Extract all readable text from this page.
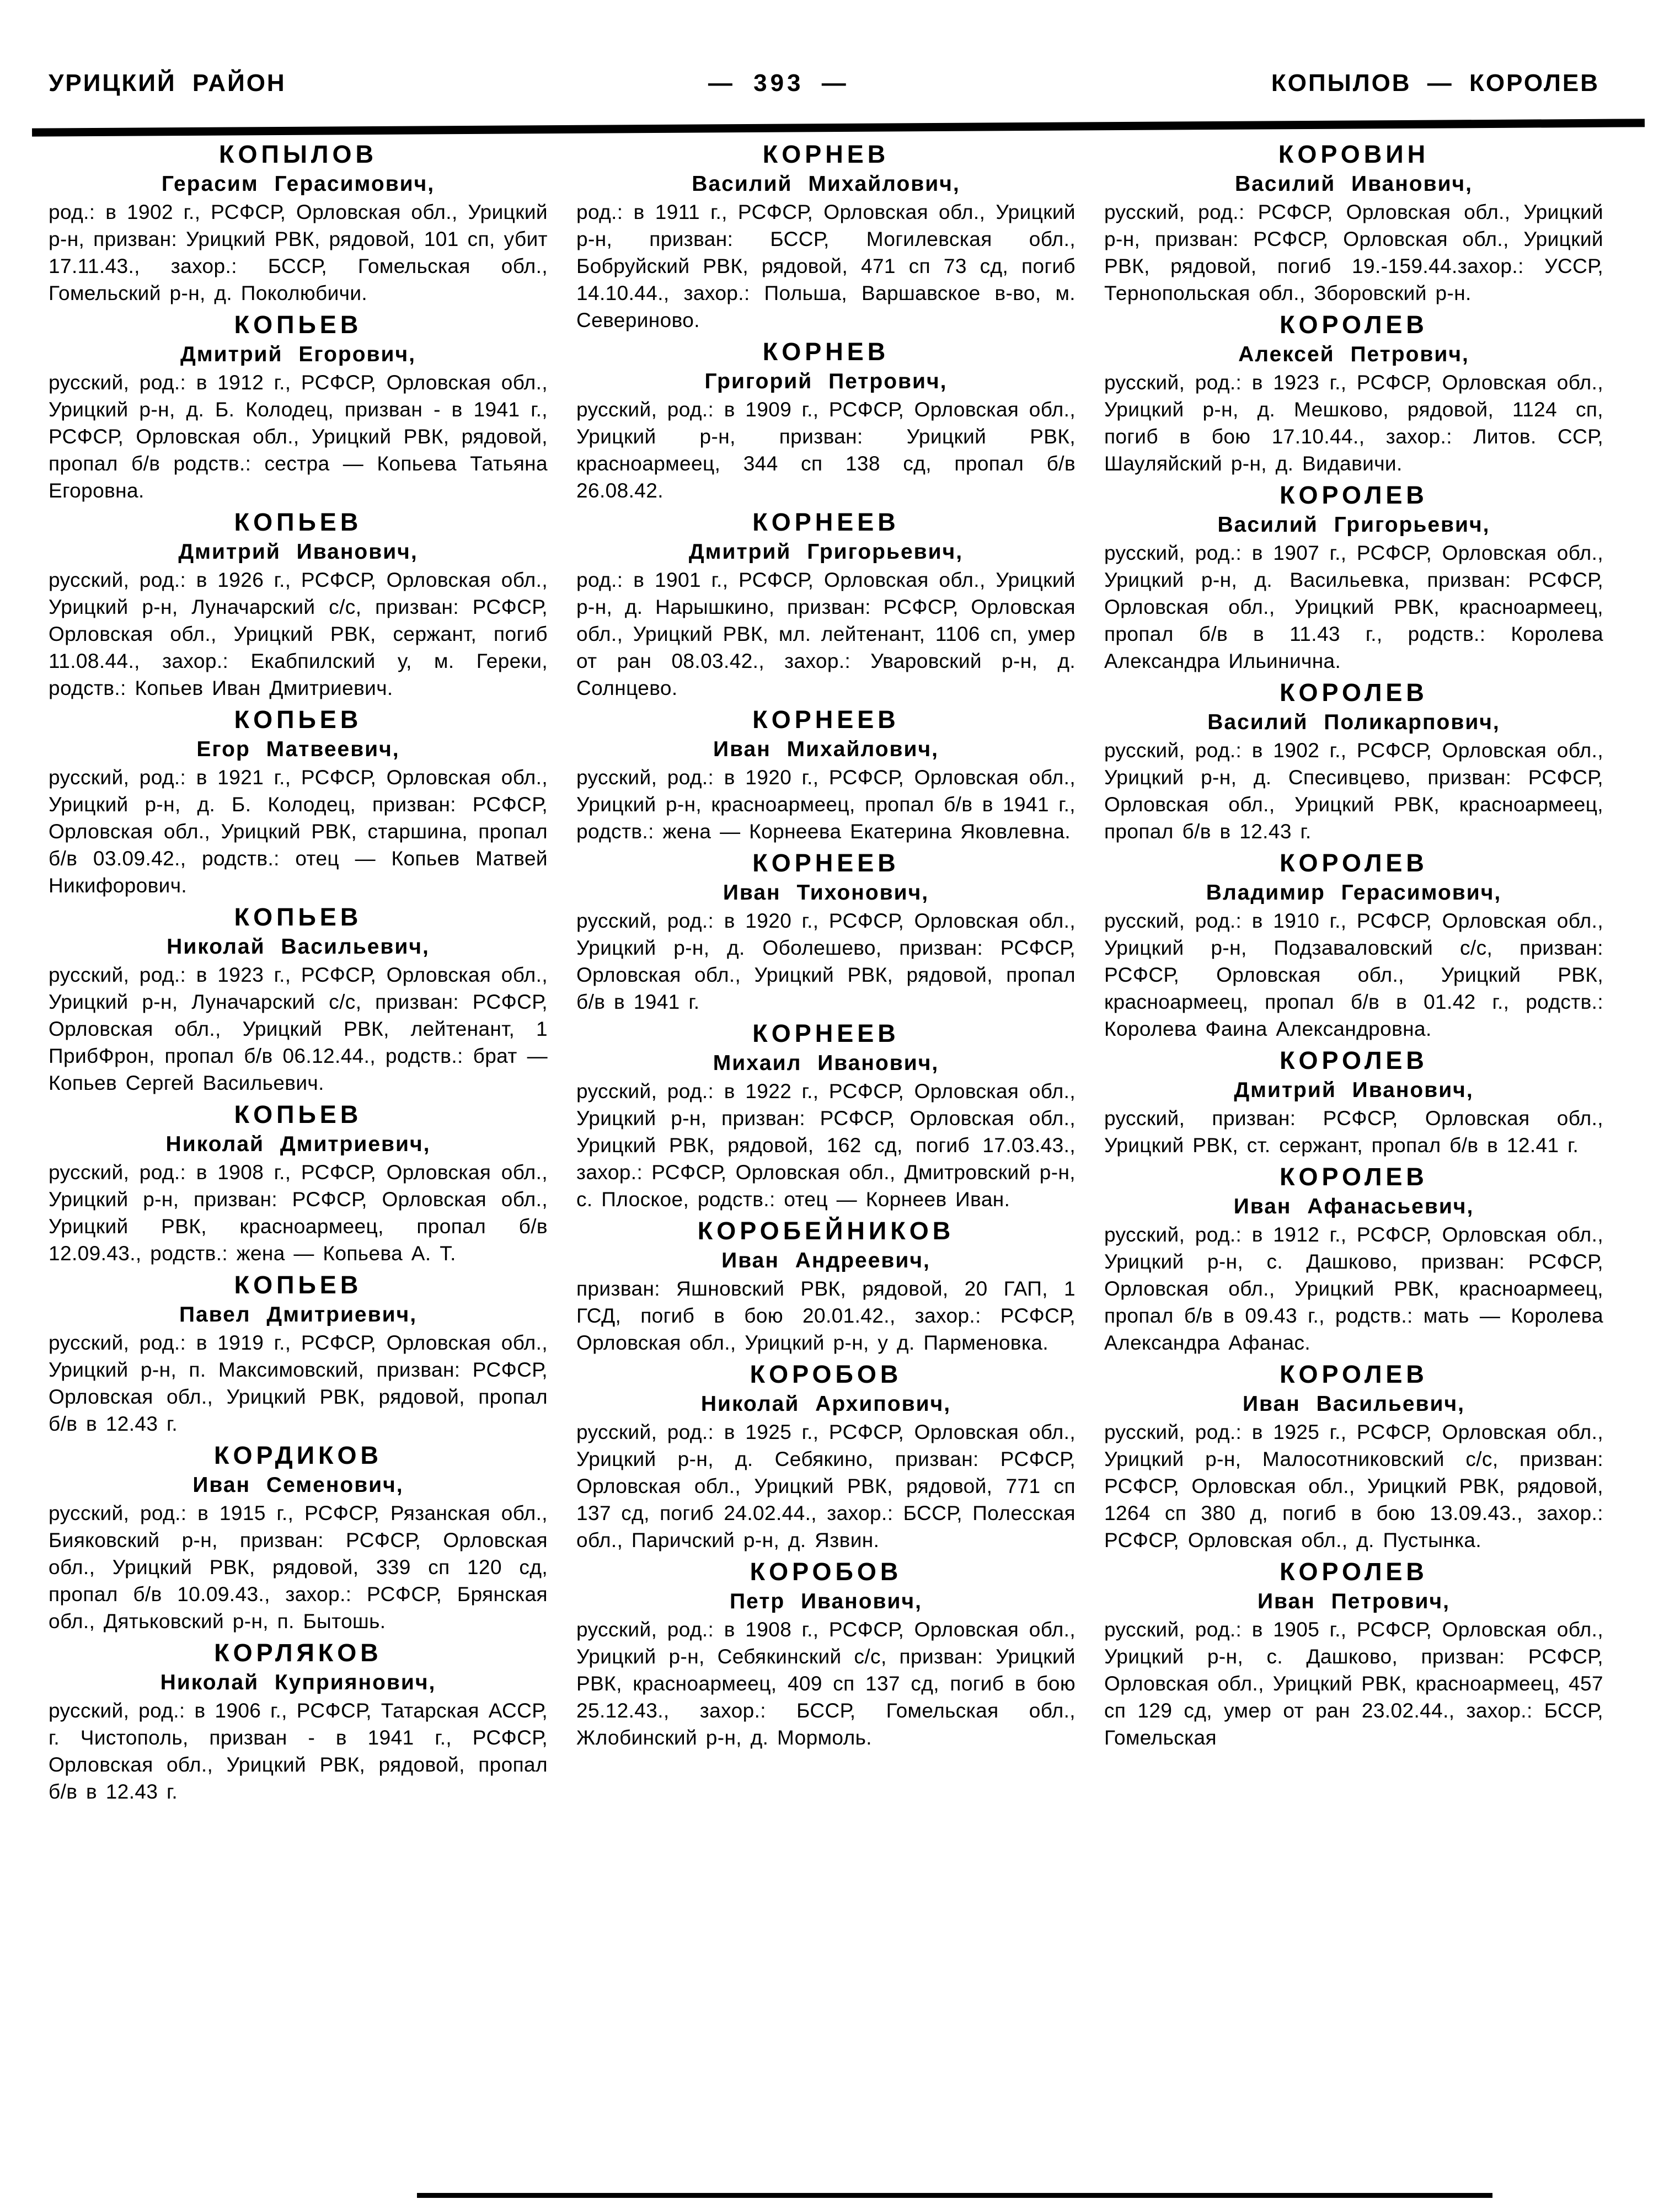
УРИЦКИЙ РАЙОН	— 393 —	КОПЫЛОВ — КОРОЛЕВ
КОПЫЛОВ
Герасим Герасимович,

род.: в 1902 г., РСФСР, Орловская обл., Урицкий р-н, призван: Урицкий РВК, рядовой, 101 сп, убит 17.11.43., захор.: БССР, Гомельская обл., Гомельский р-н, д. Поколюбичи.

КОПЬЕВ
Дмитрий Егорович,

русский, род.: в 1912 г., РСФСР, Орловская обл., Урицкий р-н, д. Б. Колодец, призван - в 1941 г., РСФСР, Орловская обл., Урицкий РВК, рядовой, пропал б/в родств.: сестра — Копьева Татьяна Егоровна.

КОПЬЕВ
Дмитрий Иванович,

русский, род.: в 1926 г., РСФСР, Орловская обл., Урицкий р-н, Луначарский с/с, призван: РСФСР, Орловская обл., Урицкий РВК, сержант, погиб 11.08.44., захор.: Екабпилский у, м. Гереки, родств.: Копьев Иван Дмитриевич.

КОПЬЕВ
Егор Матвеевич,

русский, род.: в 1921 г., РСФСР, Орловская обл., Урицкий р-н, д. Б. Колодец, призван: РСФСР, Орловская обл., Урицкий РВК, старшина, пропал б/в 03.09.42., родств.: отец — Копьев Матвей Никифорович.

КОПЬЕВ
Николай Васильевич,

русский, род.: в 1923 г., РСФСР, Орловская обл., Урицкий р-н, Луначарский с/с, призван: РСФСР, Орловская обл., Урицкий РВК, лейтенант, 1 ПрибФрон, пропал б/в 06.12.44., родств.: брат — Копьев Сергей Васильевич.

КОПЬЕВ
Николай Дмитриевич,

русский, род.: в 1908 г., РСФСР, Орловская обл., Урицкий р-н, призван: РСФСР, Орловская обл., Урицкий РВК, красноармеец, пропал б/в 12.09.43., родств.: жена — Копьева А. Т.

КОПЬЕВ
Павел Дмитриевич,

русский, род.: в 1919 г., РСФСР, Орловская обл., Урицкий р-н, п. Максимовский, призван: РСФСР, Орловская обл., Урицкий РВК, рядовой, пропал б/в в 12.43 г.

КОРДИКОВ
Иван Семенович,

русский, род.: в 1915 г., РСФСР, Рязанская обл., Бияковский р-н, призван: РСФСР, Орловская обл., Урицкий РВК, рядовой, 339 сп 120 сд, пропал б/в 10.09.43., захор.: РСФСР, Брянская обл., Дятьковский р-н, п. Бытошь.

КОРЛЯКОВ
Николай Куприянович,

русский, род.: в 1906 г., РСФСР, Татарская АССР, г. Чистополь, призван - в 1941 г., РСФСР, Орловская обл., Урицкий РВК, рядовой, пропал б/в в 12.43 г.

КОРНЕВ
Василий Михайлович,

род.: в 1911 г., РСФСР, Орловская обл., Урицкий р-н, призван: БССР, Могилевская обл., Бобруйский РВК, рядовой, 471 сп 73 сд, погиб 14.10.44., захор.: Польша, Варшавское в-во, м. Севериново.

КОРНЕВ
Григорий Петрович,

русский, род.: в 1909 г., РСФСР, Орловская обл., Урицкий р-н, призван: Урицкий РВК, красноармеец, 344 сп 138 сд, пропал б/в 26.08.42.

КОРНЕЕВ
Дмитрий Григорьевич,

род.: в 1901 г., РСФСР, Орловская обл., Урицкий р-н, д. Нарышкино, призван: РСФСР, Орловская обл., Урицкий РВК, мл. лейтенант, 1106 сп, умер от ран 08.03.42., захор.: Уваровский р-н, д. Солнцево.

КОРНЕЕВ
Иван Михайлович,

русский, род.: в 1920 г., РСФСР, Орловская обл., Урицкий р-н, красноармеец, пропал б/в в 1941 г., родств.: жена — Корнеева Екатерина Яковлевна.

КОРНЕЕВ
Иван Тихонович,

русский, род.: в 1920 г., РСФСР, Орловская обл., Урицкий р-н, д. Оболешево, призван: РСФСР, Орловская обл., Урицкий РВК, рядовой, пропал б/в в 1941 г.

КОРНЕЕВ
Михаил Иванович,

русский, род.: в 1922 г., РСФСР, Орловская обл., Урицкий р-н, призван: РСФСР, Орловская обл., Урицкий РВК, рядовой, 162 сд, погиб 17.03.43., захор.: РСФСР, Орловская обл., Дмитровский р-н, с. Плоское, родств.: отец — Корнеев Иван.

КОРОБЕЙНИКОВ
Иван Андреевич,

призван: Яшновский РВК, рядовой, 20 ГАП, 1 ГСД, погиб в бою 20.01.42., захор.: РСФСР, Орловская обл., Урицкий р-н, у д. Парменовка.

КОРОБОВ
Николай Архипович,

русский, род.: в 1925 г., РСФСР, Орловская обл., Урицкий р-н, д. Себякино, призван: РСФСР, Орловская обл., Урицкий РВК, рядовой, 771 сп 137 сд, погиб 24.02.44., захор.: БССР, Полесская обл., Паричский р-н, д. Язвин.

КОРОБОВ
Петр Иванович,

русский, род.: в 1908 г., РСФСР, Орловская обл., Урицкий р-н, Себякинский с/с, призван: Урицкий РВК, красноармеец, 409 сп 137 сд, погиб в бою 25.12.43., захор.: БССР, Гомельская обл., Жлобинский р-н, д. Мормоль.

КОРОВИН
Василий Иванович,

русский, род.: РСФСР, Орловская обл., Урицкий р-н, призван: РСФСР, Орловская обл., Урицкий РВК, рядовой, погиб 19.-159.44.захор.: УССР, Тернопольская обл., Зборовский р-н.

КОРОЛЕВ
Алексей Петрович,

русский, род.: в 1923 г., РСФСР, Орловская обл., Урицкий р-н, д. Мешково, рядовой, 1124 сп, погиб в бою 17.10.44., захор.: Литов. ССР, Шауляйский р-н, д. Видавичи.

КОРОЛЕВ
Василий Григорьевич,

русский, род.: в 1907 г., РСФСР, Орловская обл., Урицкий р-н, д. Васильевка, призван: РСФСР, Орловская обл., Урицкий РВК, красноармеец, пропал б/в в 11.43 г., родств.: Королева Александра Ильинична.

КОРОЛЕВ
Василий Поликарпович,

русский, род.: в 1902 г., РСФСР, Орловская обл., Урицкий р-н, д. Спесивцево, призван: РСФСР, Орловская обл., Урицкий РВК, красноармеец, пропал б/в в 12.43 г.

КОРОЛЕВ
Владимир Герасимович,

русский, род.: в 1910 г., РСФСР, Орловская обл., Урицкий р-н, Подзаваловский с/с, призван: РСФСР, Орловская обл., Урицкий РВК, красноармеец, пропал б/в в 01.42 г., родств.: Королева Фаина Александровна.

КОРОЛЕВ
Дмитрий Иванович,

русский, призван: РСФСР, Орловская обл., Урицкий РВК, ст. сержант, пропал б/в в 12.41 г.

КОРОЛЕВ
Иван Афанасьевич,

русский, род.: в 1912 г., РСФСР, Орловская обл., Урицкий р-н, с. Дашково, призван: РСФСР, Орловская обл., Урицкий РВК, красноармеец, пропал б/в в 09.43 г., родств.: мать — Королева Александра Афанас.

КОРОЛЕВ
Иван Васильевич,

русский, род.: в 1925 г., РСФСР, Орловская обл., Урицкий р-н, Малосотниковский с/с, призван: РСФСР, Орловская обл., Урицкий РВК, рядовой, 1264 сп 380 д, погиб в бою 13.09.43., захор.: РСФСР, Орловская обл., д. Пустынка.

КОРОЛЕВ
Иван Петрович,

русский, род.: в 1905 г., РСФСР, Орловская обл., Урицкий р-н, с. Дашково, призван: РСФСР, Орловская обл., Урицкий РВК, красноармеец, 457 сп 129 сд, умер от ран 23.02.44., захор.: БССР, Гомельская
